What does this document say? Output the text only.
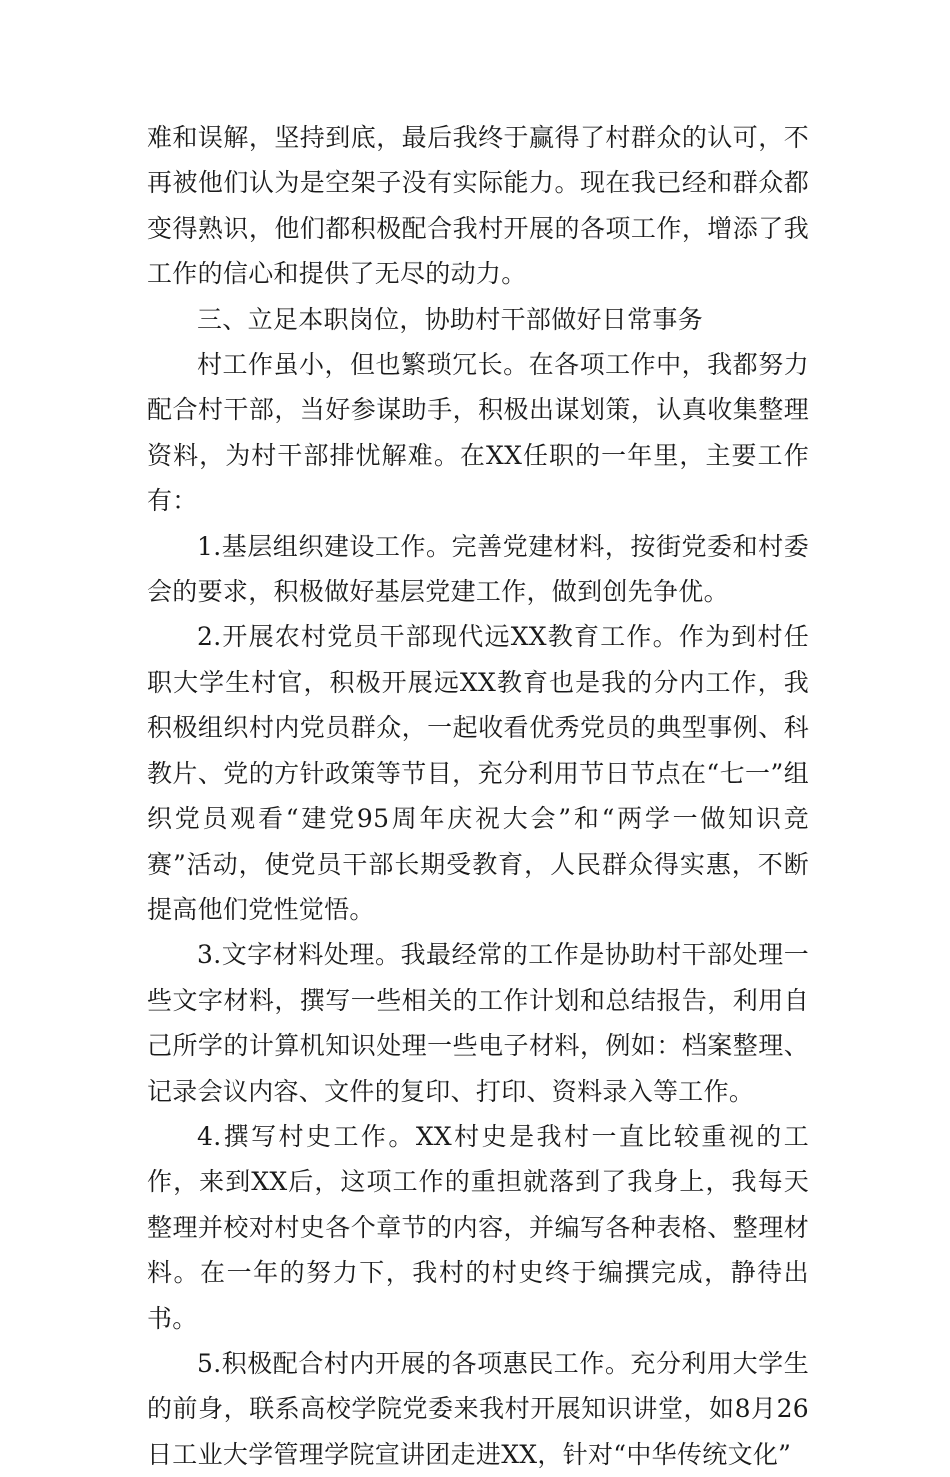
难和误解，坚持到底，最后我终于赢得了村群众的认可，不再被他们认为是空架子没有实际能力。现在我已经和群众都变得熟识，他们都积极配合我村开展的各项工作，增添了我工作的信心和提供了无尽的动力。

三、立足本职岗位，协助村干部做好日常事务

村工作虽小，但也繁琐冗长。在各项工作中，我都努力配合村干部，当好参谋助手，积极出谋划策，认真收集整理资料，为村干部排忧解难。在XX任职的一年里，主要工作有：

1.基层组织建设工作。完善党建材料，按街党委和村委会的要求，积极做好基层党建工作，做到创先争优。

2.开展农村党员干部现代远XX教育工作。作为到村任职大学生村官，积极开展远XX教育也是我的分内工作，我积极组织村内党员群众，一起收看优秀党员的典型事例、科教片、党的方针政策等节目，充分利用节日节点在“七一”组织党员观看“建党95周年庆祝大会”和“两学一做知识竞赛”活动，使党员干部长期受教育，人民群众得实惠，不断提高他们党性觉悟。

3.文字材料处理。我最经常的工作是协助村干部处理一些文字材料，撰写一些相关的工作计划和总结报告，利用自己所学的计算机知识处理一些电子材料，例如：档案整理、记录会议内容、文件的复印、打印、资料录入等工作。

4.撰写村史工作。XX村史是我村一直比较重视的工作，来到XX后，这项工作的重担就落到了我身上，我每天整理并校对村史各个章节的内容，并编写各种表格、整理材料。在一年的努力下，我村的村史终于编撰完成，静待出书。

5.积极配合村内开展的各项惠民工作。充分利用大学生的前身，联系高校学院党委来我村开展知识讲堂，如8月26日工业大学管理学院宣讲团走进XX，针对“中华传统文化”
